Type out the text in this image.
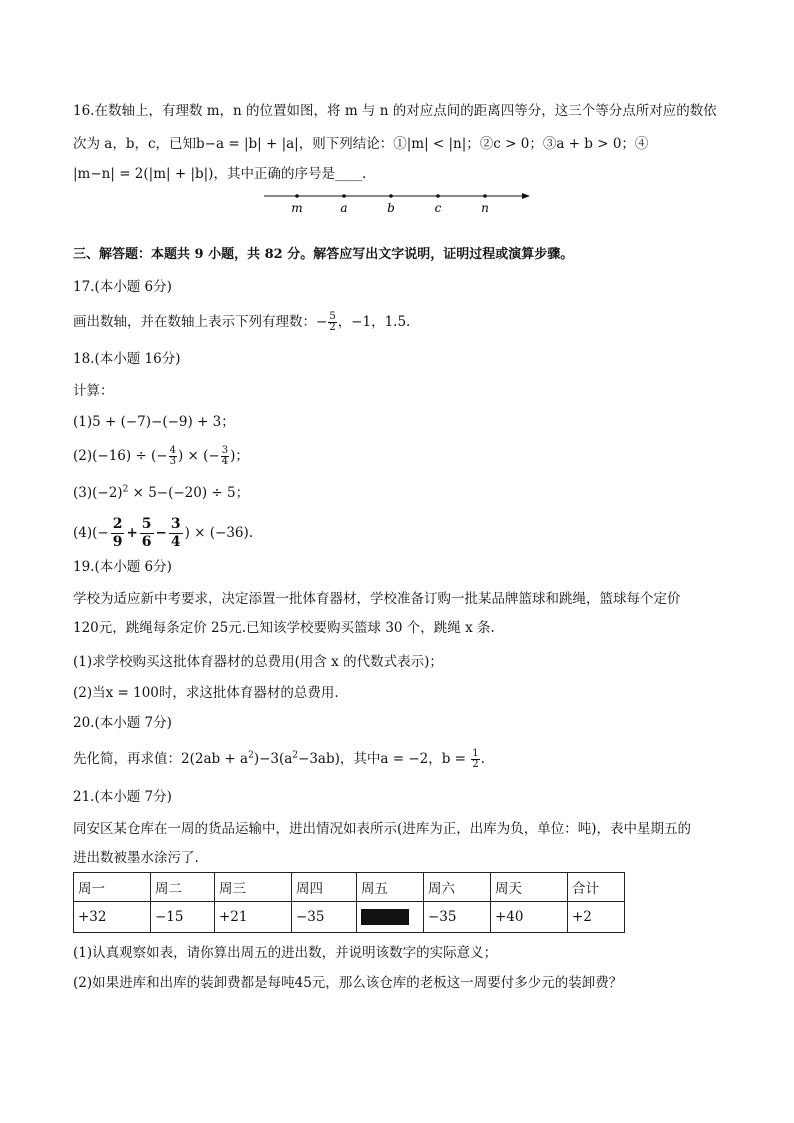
16.在数轴上，有理数 m，n 的位置如图，将 m 与 n 的对应点间的距离四等分，这三个等分点所对应的数依
次为 a，b，c，已知b−a = |b| + |a|，则下列结论：①|m| < |n|；②c > 0；③a + b > 0；④
|m−n| = 2(|m| + |b|)，其中正确的序号是____.
m	a	b	c	n
三、解答题：本题共 9 小题，共 82 分。解答应写出文字说明，证明过程或演算步骤。
17.(本小题 6分)
画出数轴，并在数轴上表示下列有理数：− $\frac{5}{2}$ ，−1，1.5.
18.(本小题 16分)
计算：
(1)5 + (−7)−(−9) + 3；
(2)(−16) ÷ (− $\frac{4}{3}$ ) × (− $\frac{3}{4}$ )；
$(3)(-2)^2 \times 5-(-20) \div 5$；
$(4)(- \frac{2}{9} + \frac{5}{6} - \frac{3}{4}$ ) × (−36).
19.(本小题 6分)
学校为适应新中考要求，决定添置一批体育器材，学校准备订购一批某品牌篮球和跳绳，篮球每个定价
120元，跳绳每条定价 25元.已知该学校要购买篮球 30 个，跳绳 x 条.
(1)求学校购买这批体育器材的总费用(用含 x 的代数式表示)；
(2)当x = 100时，求这批体育器材的总费用.
20.(本小题 7分)
先化简，再求值：$2(2ab + a^2)-3(a^2-3ab)$，其中a = −2，$b = \frac{1}{2}$ .
21.(本小题 7分)
同安区某仓库在一周的货品运输中，进出情况如表所示(进库为正，出库为负，单位：吨)，表中星期五的
进出数被墨水涂污了.
周一	周二	周三	周四	周五	周六	周天	合计
+32	−15	+21	−35		−35	+40	+2
(1)认真观察如表，请你算出周五的进出数，并说明该数字的实际意义；
(2)如果进库和出库的装卸费都是每吨45元，那么该仓库的老板这一周要付多少元的装卸费？
